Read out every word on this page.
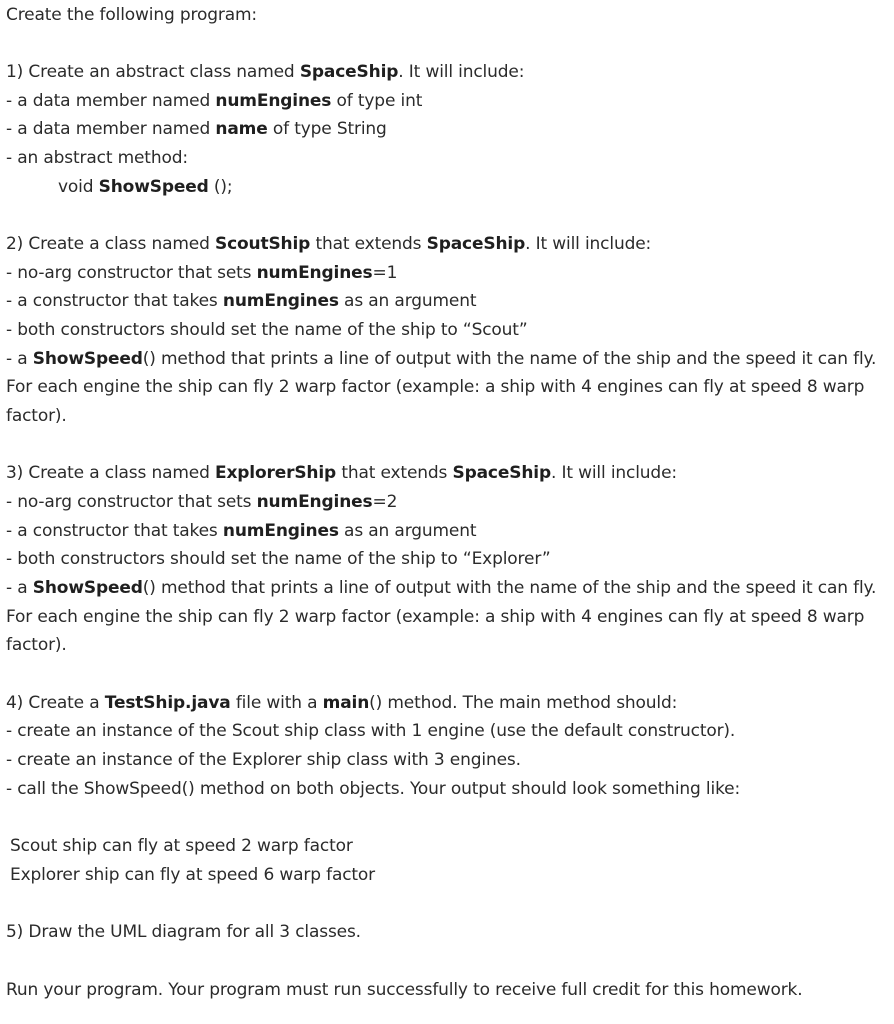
Create the following program:
1) Create an abstract class named SpaceShip. It will include:
- a data member named numEngines of type int
- a data member named name of type String
- an abstract method:
void ShowSpeed ();
2) Create a class named ScoutShip that extends SpaceShip. It will include:
- no-arg constructor that sets numEngines=1
- a constructor that takes numEngines as an argument
- both constructors should set the name of the ship to “Scout”
- a ShowSpeed() method that prints a line of output with the name of the ship and the speed it can fly.
For each engine the ship can fly 2 warp factor (example: a ship with 4 engines can fly at speed 8 warp
factor).
3) Create a class named ExplorerShip that extends SpaceShip. It will include:
- no-arg constructor that sets numEngines=2
- a constructor that takes numEngines as an argument
- both constructors should set the name of the ship to “Explorer”
- a ShowSpeed() method that prints a line of output with the name of the ship and the speed it can fly.
For each engine the ship can fly 2 warp factor (example: a ship with 4 engines can fly at speed 8 warp
factor).
4) Create a TestShip.java file with a main() method. The main method should:
- create an instance of the Scout ship class with 1 engine (use the default constructor).
- create an instance of the Explorer ship class with 3 engines.
- call the ShowSpeed() method on both objects. Your output should look something like:
Scout ship can fly at speed 2 warp factor
Explorer ship can fly at speed 6 warp factor
5) Draw the UML diagram for all 3 classes.
Run your program. Your program must run successfully to receive full credit for this homework.
